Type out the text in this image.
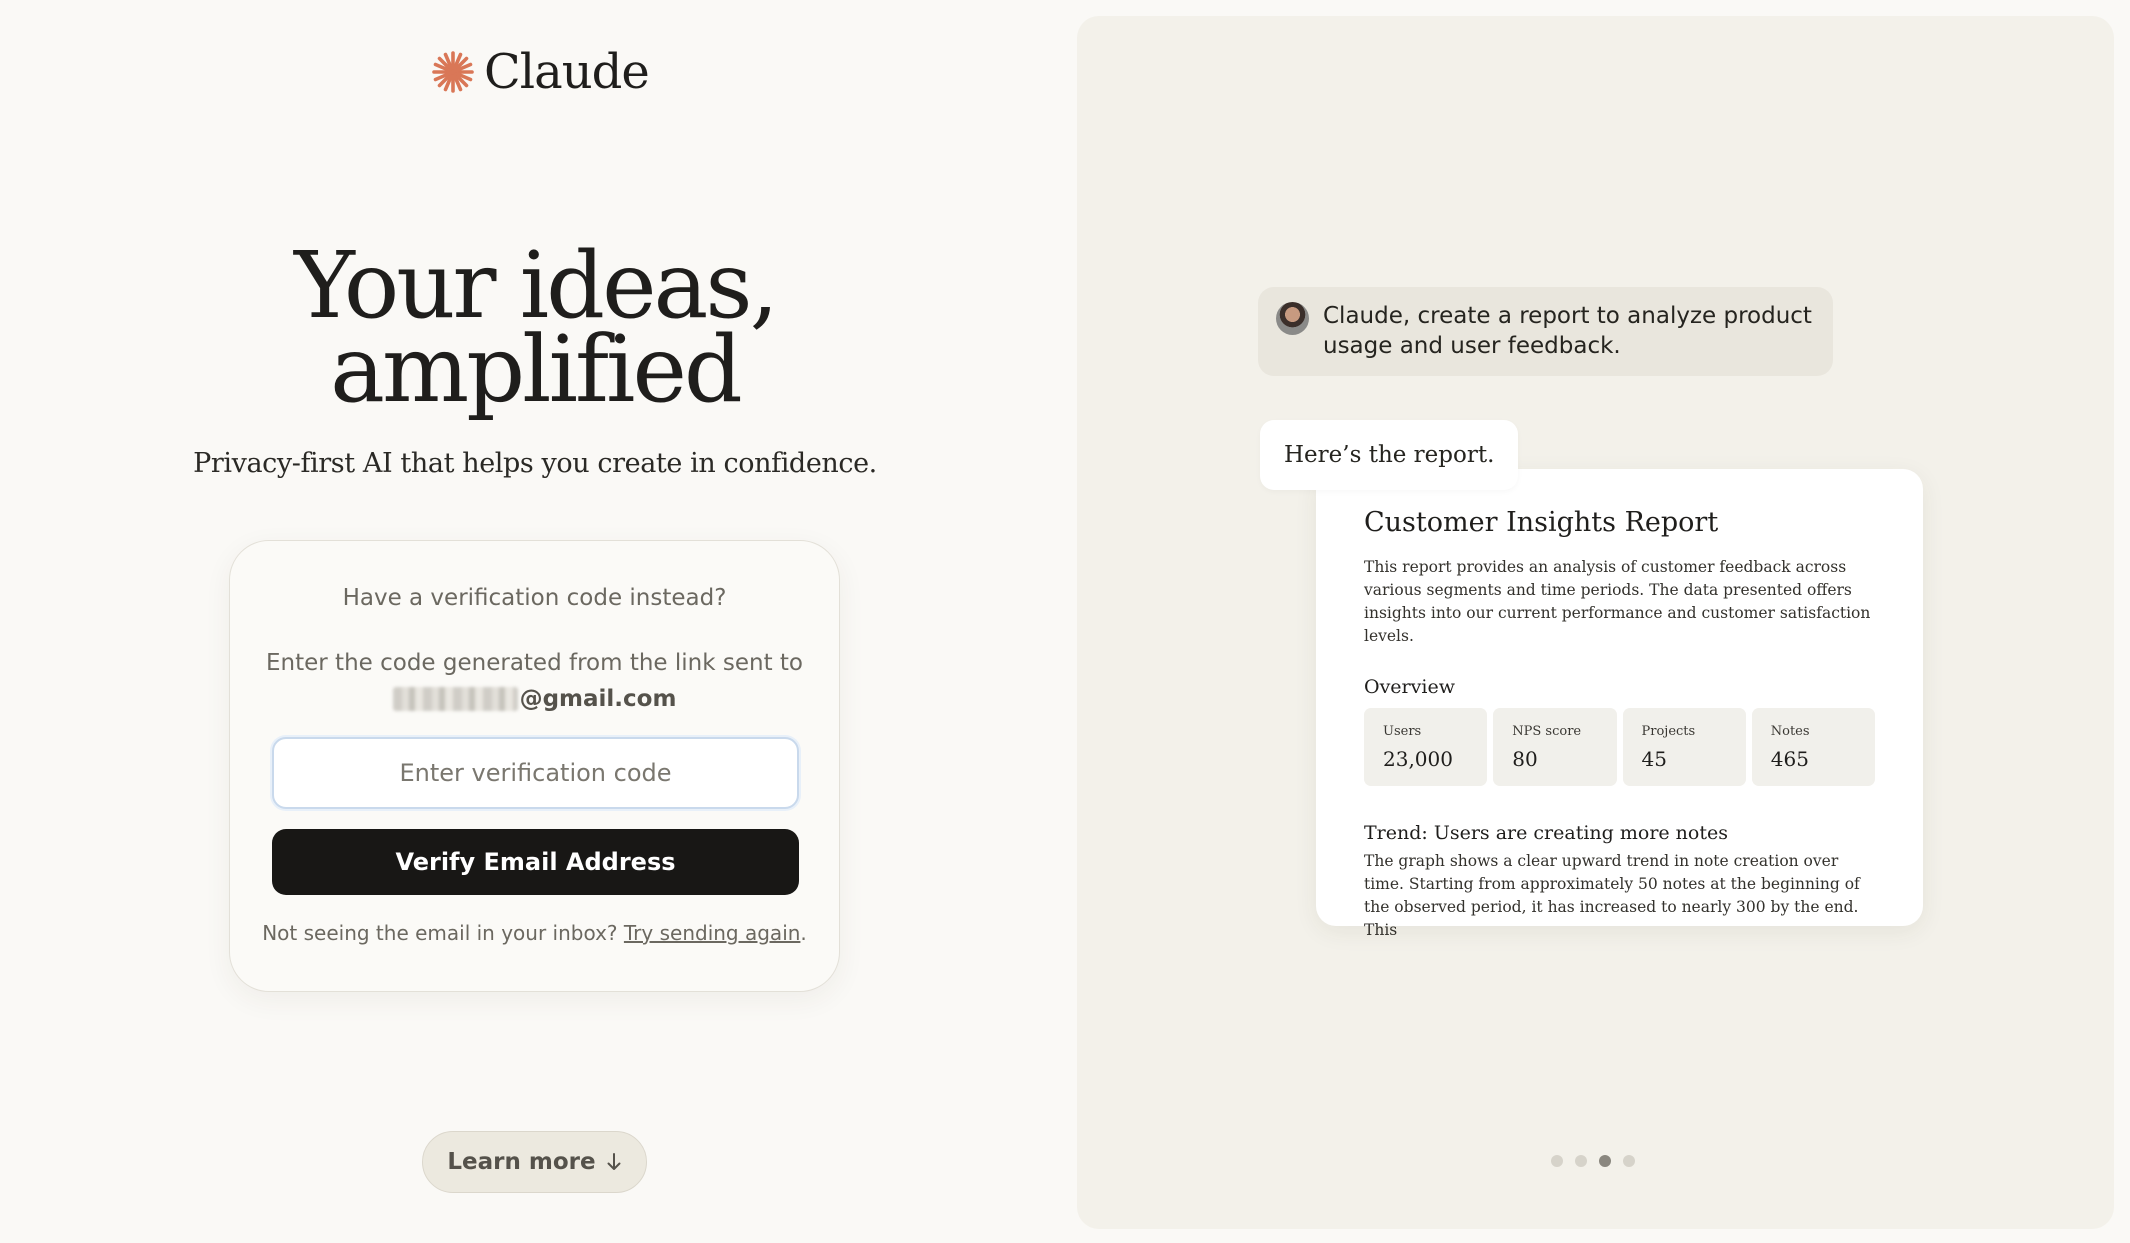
Claude
Your ideas,
amplified

Privacy-first AI that helps you create in confidence.

Have a verification code instead?
Enter the code generated from the link sent to
@gmail.com
Enter verification code
Verify Email Address
Not seeing the email in your inbox? Try sending again.
Learn more
Claude, create a report to analyze product usage and user feedback.
Here’s the report.
Customer Insights Report
This report provides an analysis of customer feedback across various segments and time periods. The data presented offers insights into our current performance and customer satisfaction levels.
Overview
Users
23,000
NPS score
80
Projects
45
Notes
465
Trend: Users are creating more notes
The graph shows a clear upward trend in note creation over time. Starting from approximately 50 notes at the beginning of the observed period, it has increased to nearly 300 by the end. This
